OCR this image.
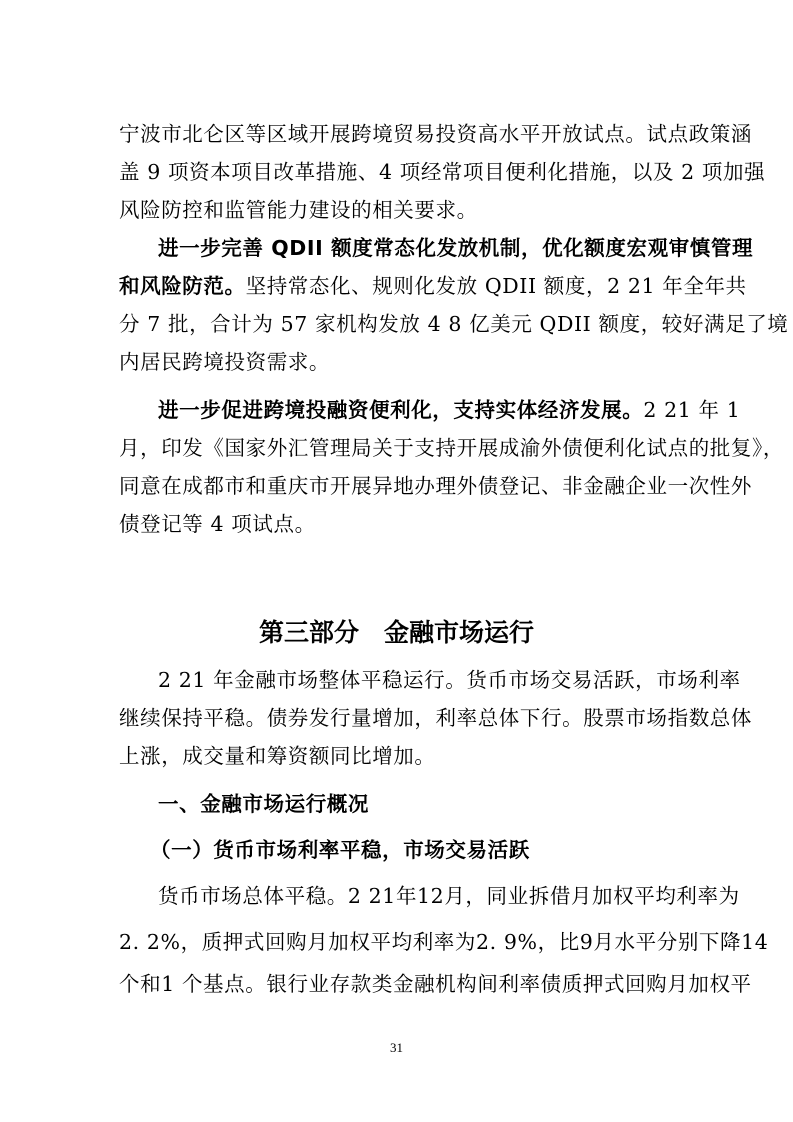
宁波市北仑区等区域开展跨境贸易投资高水平开放试点。试点政策涵

盖 9 项资本项目改革措施、4 项经常项目便利化措施，以及 2 项加强

风险防控和监管能力建设的相关要求。

进一步完善 QDII 额度常态化发放机制，优化额度宏观审慎管理

和风险防范。坚持常态化、规则化发放 QDII 额度，2 21 年全年共

分 7 批，合计为 57 家机构发放 4 8 亿美元 QDII 额度，较好满足了境

内居民跨境投资需求。

进一步促进跨境投融资便利化，支持实体经济发展。2 21 年 1

月，印发《国家外汇管理局关于支持开展成渝外债便利化试点的批复》，

同意在成都市和重庆市开展异地办理外债登记、非金融企业一次性外

债登记等 4 项试点。

第三部分　金融市场运行

2 21 年金融市场整体平稳运行。货币市场交易活跃，市场利率

继续保持平稳。债券发行量增加，利率总体下行。股票市场指数总体

上涨，成交量和筹资额同比增加。

一、金融市场运行概况

（一）货币市场利率平稳，市场交易活跃

货币市场总体平稳。2 21年12月，同业拆借月加权平均利率为

2. 2%，质押式回购月加权平均利率为2. 9%，比9月水平分别下降14

个和1 个基点。银行业存款类金融机构间利率债质押式回购月加权平

31
